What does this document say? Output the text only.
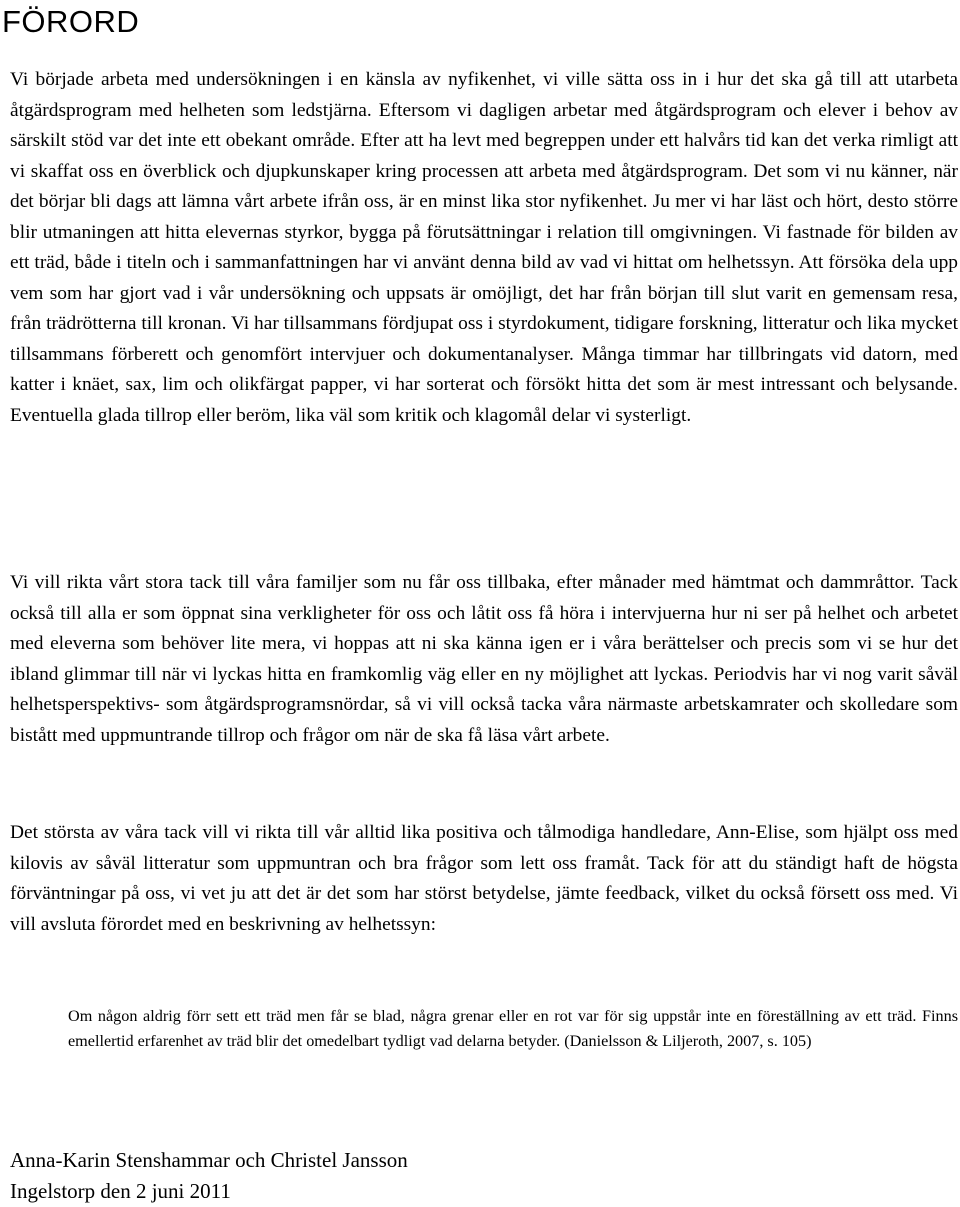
FÖRORD

Vi började arbeta med undersökningen i en känsla av nyfikenhet, vi ville sätta oss in i hur det ska gå till att utarbeta åtgärdsprogram med helheten som ledstjärna. Eftersom vi dagligen arbetar med åtgärdsprogram och elever i behov av särskilt stöd var det inte ett obekant område. Efter att ha levt med begreppen under ett halvårs tid kan det verka rimligt att vi skaffat oss en överblick och djupkunskaper kring processen att arbeta med åtgärdsprogram. Det som vi nu känner, när det börjar bli dags att lämna vårt arbete ifrån oss, är en minst lika stor nyfikenhet. Ju mer vi har läst och hört, desto större blir utmaningen att hitta elevernas styrkor, bygga på förutsättningar i relation till omgivningen. Vi fastnade för bilden av ett träd, både i titeln och i sammanfattningen har vi använt denna bild av vad vi hittat om helhetssyn. Att försöka dela upp vem som har gjort vad i vår undersökning och uppsats är omöjligt, det har från början till slut varit en gemensam resa, från trädrötterna till kronan. Vi har tillsammans fördjupat oss i styrdokument, tidigare forskning, litteratur och lika mycket tillsammans förberett och genomfört intervjuer och dokumentanalyser. Många timmar har tillbringats vid datorn, med katter i knäet, sax, lim och olikfärgat papper, vi har sorterat och försökt hitta det som är mest intressant och belysande. Eventuella glada tillrop eller beröm, lika väl som kritik och klagomål delar vi systerligt.

Vi vill rikta vårt stora tack till våra familjer som nu får oss tillbaka, efter månader med hämtmat och dammråttor. Tack också till alla er som öppnat sina verkligheter för oss och låtit oss få höra i intervjuerna hur ni ser på helhet och arbetet med eleverna som behöver lite mera, vi hoppas att ni ska känna igen er i våra berättelser och precis som vi se hur det ibland glimmar till när vi lyckas hitta en framkomlig väg eller en ny möjlighet att lyckas. Periodvis har vi nog varit såväl helhetsperspektivs- som åtgärdsprogramsnördar, så vi vill också tacka våra närmaste arbetskamrater och skolledare som bistått med uppmuntrande tillrop och frågor om när de ska få läsa vårt arbete.

Det största av våra tack vill vi rikta till vår alltid lika positiva och tålmodiga handledare, Ann-Elise, som hjälpt oss med kilovis av såväl litteratur som uppmuntran och bra frågor som lett oss framåt. Tack för att du ständigt haft de högsta förväntningar på oss, vi vet ju att det är det som har störst betydelse, jämte feedback, vilket du också försett oss med. Vi vill avsluta förordet med en beskrivning av helhetssyn:

Om någon aldrig förr sett ett träd men får se blad, några grenar eller en rot var för sig uppstår inte en föreställning av ett träd. Finns emellertid erfarenhet av träd blir det omedelbart tydligt vad delarna betyder. (Danielsson & Liljeroth, 2007, s. 105)
Anna-Karin Stenshammar och Christel Jansson
Ingelstorp den 2 juni 2011
